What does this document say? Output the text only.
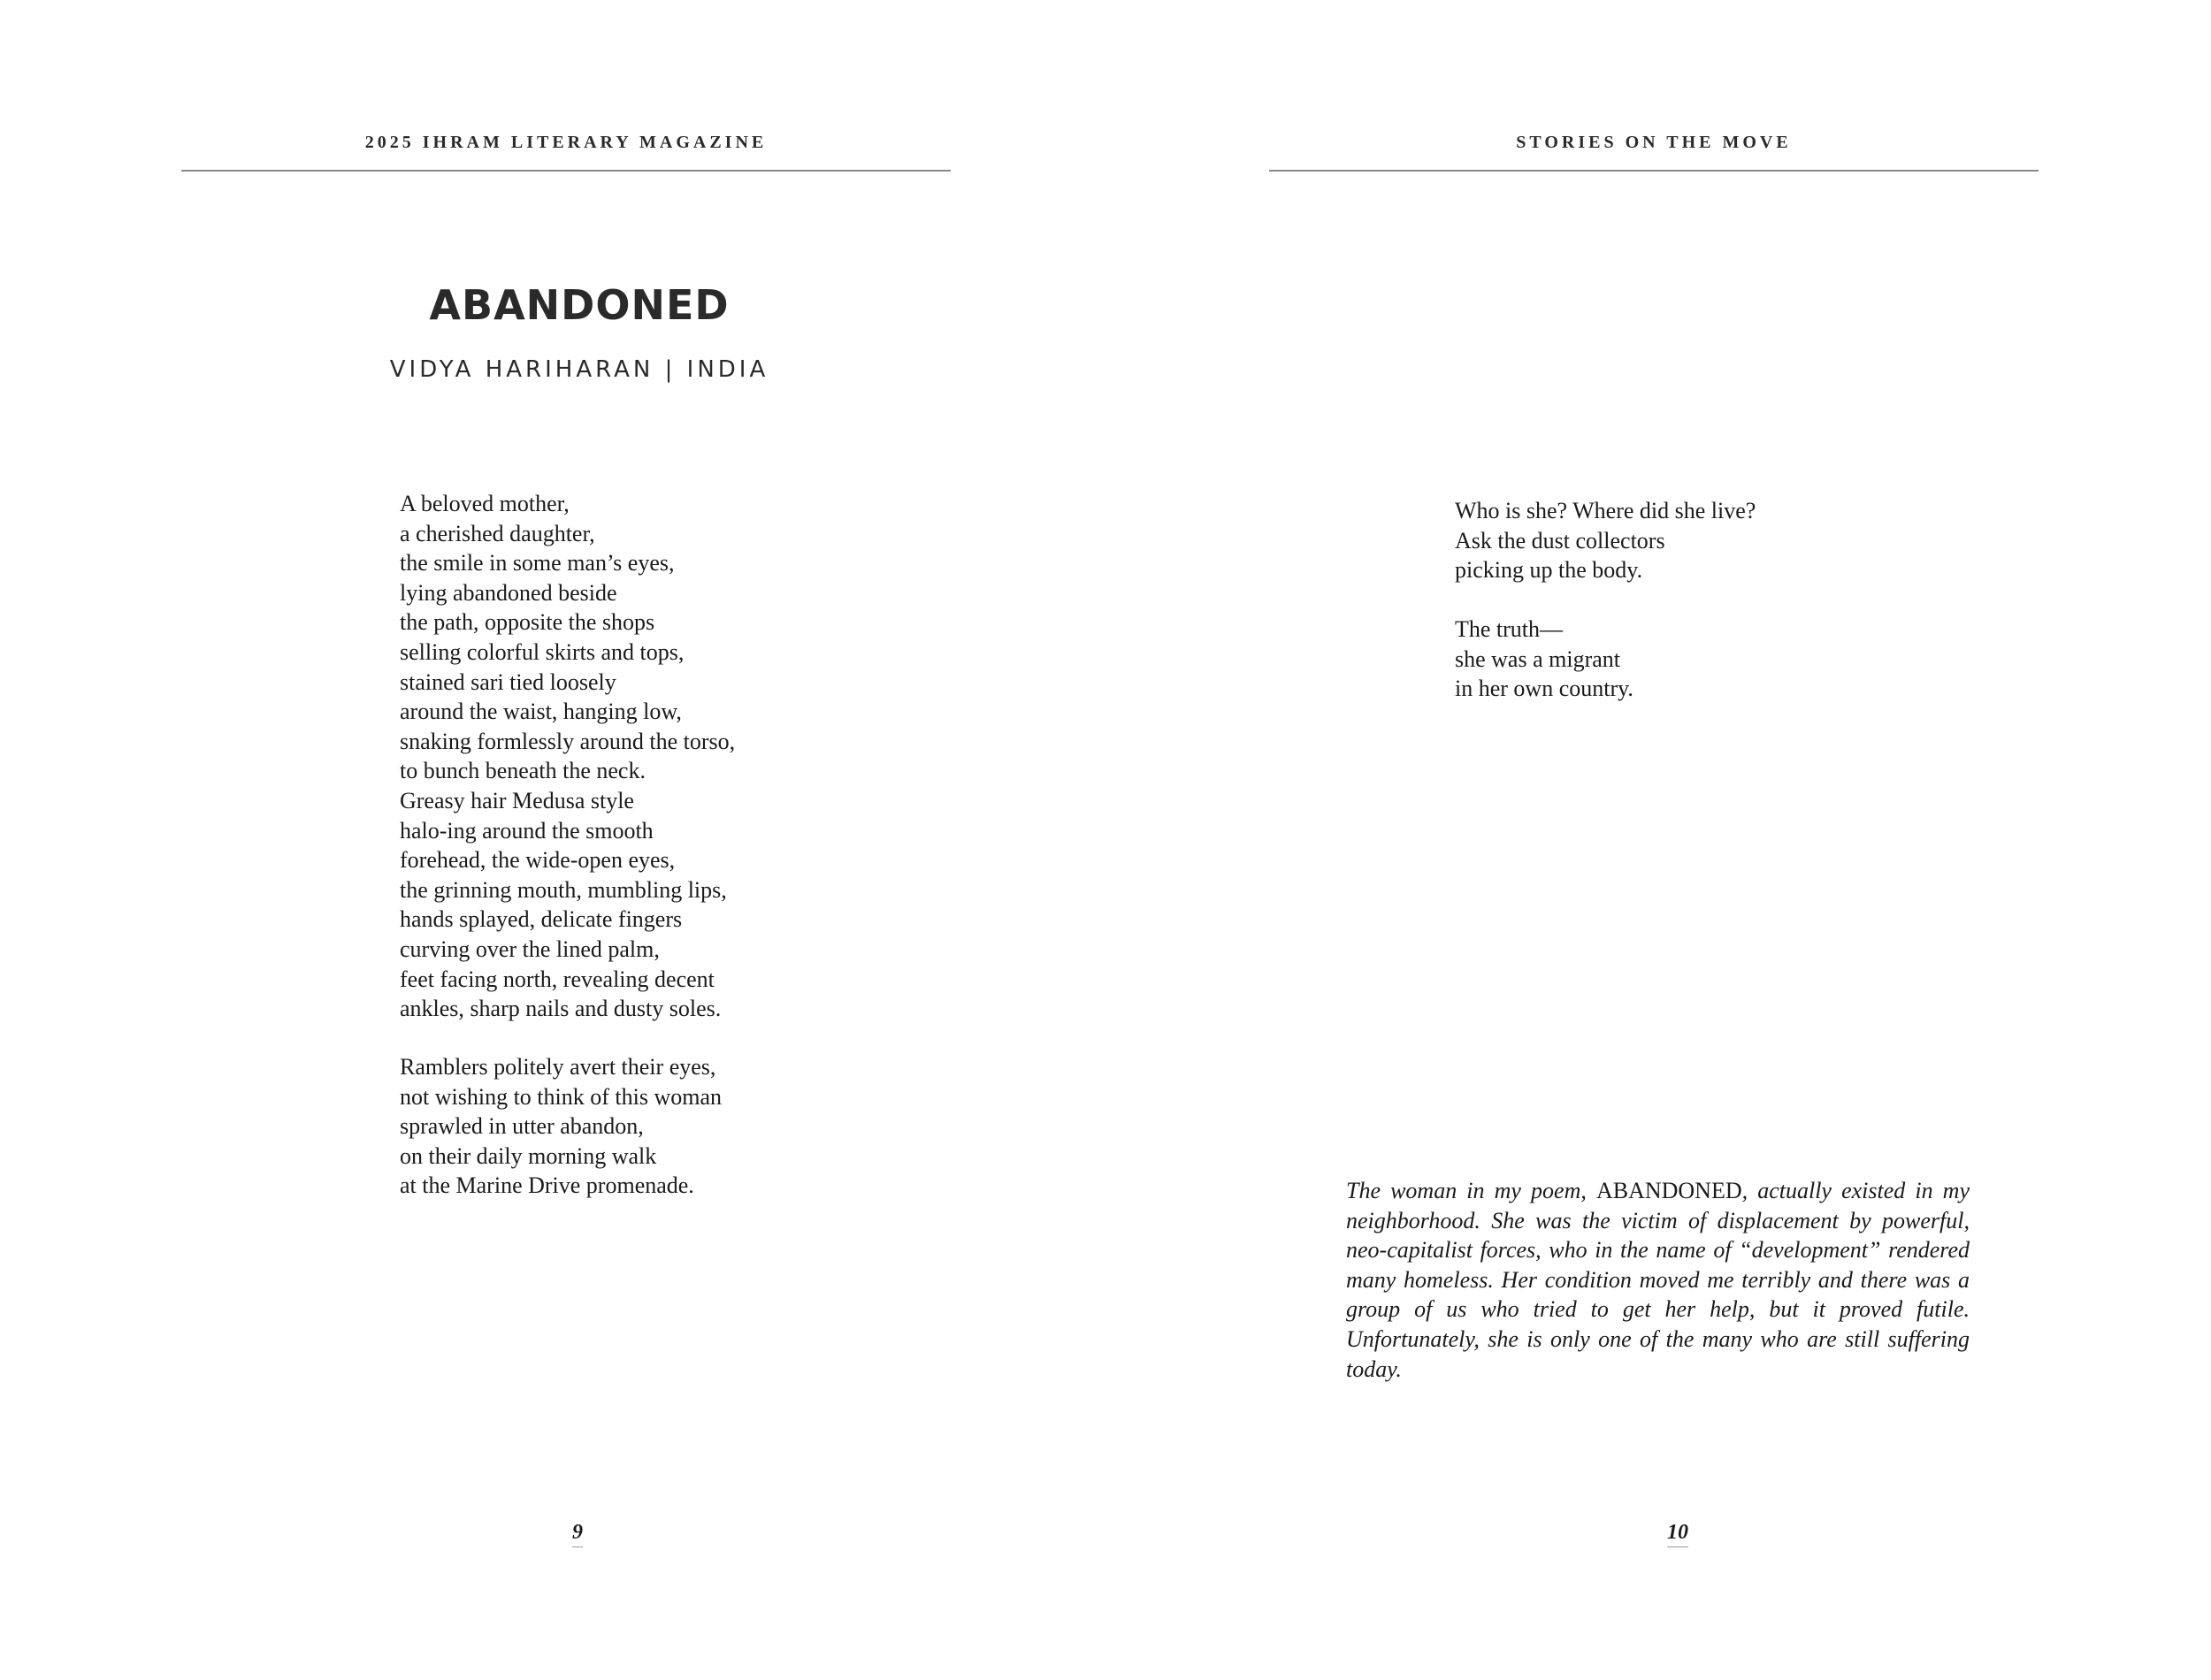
2025 IHRAM LITERARY MAGAZINE
ABANDONED
VIDYA HARIHARAN | INDIA
A beloved mother,
a cherished daughter,
the smile in some man’s eyes,
lying abandoned beside
the path, opposite the shops
selling colorful skirts and tops,
stained sari tied loosely
around the waist, hanging low,
snaking formlessly around the torso,
to bunch beneath the neck.
Greasy hair Medusa style
halo-ing around the smooth
forehead, the wide-open eyes,
the grinning mouth, mumbling lips,
hands splayed, delicate fingers
curving over the lined palm,
feet facing north, revealing decent
ankles, sharp nails and dusty soles.
Ramblers politely avert their eyes,
not wishing to think of this woman
sprawled in utter abandon,
on their daily morning walk
at the Marine Drive promenade.
9
STORIES ON THE MOVE
Who is she? Where did she live?
Ask the dust collectors
picking up the body.
The truth—
she was a migrant
in her own country.
The woman in my poem, ABANDONED, actually existed in my neighborhood. She was the victim of displacement by powerful, neo-capitalist forces, who in the name of “development” rendered many homeless. Her condition moved me terribly and there was a group of us who tried to get her help, but it proved futile. Unfortunately, she is only one of the many who are still suffering today.
10
